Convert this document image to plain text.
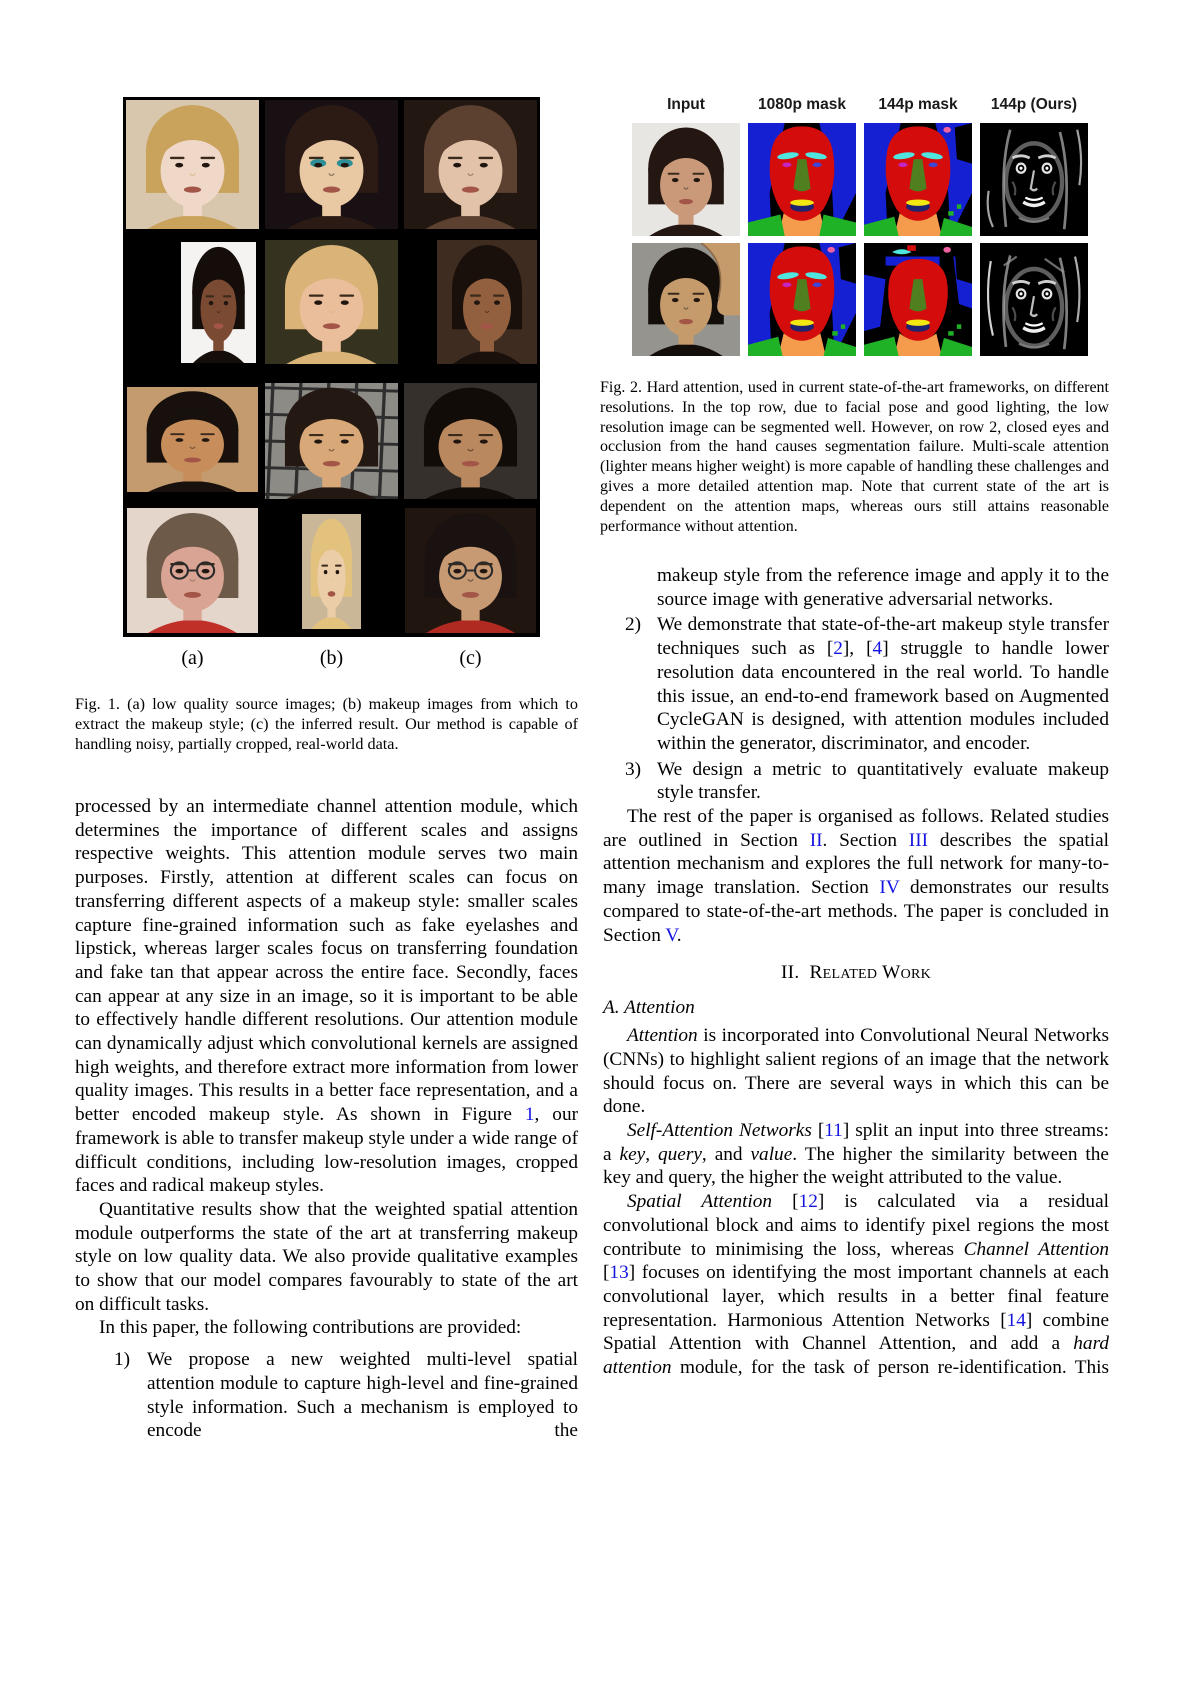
(a)	(b)	(c)
Fig. 1. (a) low quality source images; (b) makeup images from which to extract the makeup style; (c) the inferred result. Our method is capable of handling noisy, partially cropped, real-world data.

processed by an intermediate channel attention module, which determines the importance of different scales and assigns respective weights. This attention module serves two main purposes. Firstly, attention at different scales can focus on transferring different aspects of a makeup style: smaller scales capture fine-grained information such as fake eyelashes and lipstick, whereas larger scales focus on transferring foundation and fake tan that appear across the entire face. Secondly, faces can appear at any size in an image, so it is important to be able to effectively handle different resolutions. Our attention module can dynamically adjust which convolutional kernels are assigned high weights, and therefore extract more information from lower quality images. This results in a better face representation, and a better encoded makeup style. As shown in Figure 1, our framework is able to transfer makeup style under a wide range of difficult conditions, including low-resolution images, cropped faces and radical makeup styles.

Quantitative results show that the weighted spatial attention module outperforms the state of the art at transferring makeup style on low quality data. We also provide qualitative examples to show that our model compares favourably to state of the art on difficult tasks.

In this paper, the following contributions are provided:

1) We propose a new weighted multi-level spatial attention module to capture high-level and fine-grained style information. Such a mechanism is employed to encode the
Input	1080p mask	144p mask	144p (Ours)
Fig. 2. Hard attention, used in current state-of-the-art frameworks, on different resolutions. In the top row, due to facial pose and good lighting, the low resolution image can be segmented well. However, on row 2, closed eyes and occlusion from the hand causes segmentation failure. Multi-scale attention (lighter means higher weight) is more capable of handling these challenges and gives a more detailed attention map. Note that current state of the art is dependent on the attention maps, whereas ours still attains reasonable performance without attention.
makeup style from the reference image and apply it to the source image with generative adversarial networks.
2) We demonstrate that state-of-the-art makeup style transfer techniques such as [2], [4] struggle to handle lower resolution data encountered in the real world. To handle this issue, an end-to-end framework based on Augmented CycleGAN is designed, with attention modules included within the generator, discriminator, and encoder.
3) We design a metric to quantitatively evaluate makeup style transfer.

The rest of the paper is organised as follows. Related studies are outlined in Section II. Section III describes the spatial attention mechanism and explores the full network for many-to-many image translation. Section IV demonstrates our results compared to state-of-the-art methods. The paper is concluded in Section V.

II. Related Work
A. Attention

Attention is incorporated into Convolutional Neural Networks (CNNs) to highlight salient regions of an image that the network should focus on. There are several ways in which this can be done.

Self-Attention Networks [11] split an input into three streams: a key, query, and value. The higher the similarity between the key and query, the higher the weight attributed to the value.

Spatial Attention [12] is calculated via a residual convolutional block and aims to identify pixel regions the most contribute to minimising the loss, whereas Channel Attention [13] focuses on identifying the most important channels at each convolutional layer, which results in a better final feature representation. Harmonious Attention Networks [14] combine Spatial Attention with Channel Attention, and add a hard attention module, for the task of person re-identification. This
